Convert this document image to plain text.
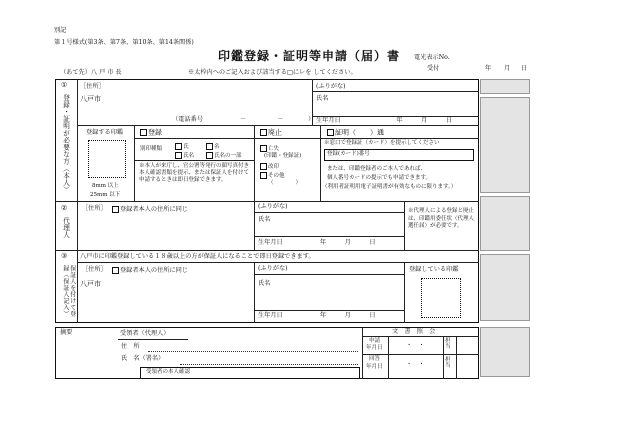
別記
第１号様式(第3条、第7条、第10条、第14条関係)
印鑑登録・証明等申請（届）書 電光表示No.
受付	年 月 日
（あて先）八 戸 市 長	※太枠内へのご記入および該当する□にレを してください。
①
登録・証明が必要な方（本人）
［住所］
八戸市
（電話番号　　　　　　－　　　　　－　　　　）
(ふりがな)
氏名
生年月日　　　　　　　　　年　　　月　　　日
登録する印鑑
8mm 以上
25mm 以下
登録	廃止	証明（　　）通
別印種類	氏	名
氏名	氏名の一部
※本人が来庁し、官公署等発行の顔写真付き本人確認書類を提示、または保証人を付けて申請するときは即日登録できます。
亡失
(印鑑・登録証)
改印
その他
（　　　　）
※窓口で登録証（カード）を提示してください
登録(カード)番号
または、印鑑登録者のご本人であれば、
個人番号カードの提示でも申請できます。
（利用者証明用電子証明書が有効なものに限ります。）
②
代理人
［住所］	登録者本人の住所に同じ	(ふりがな)
氏名
生年月日　　　　　　年　　　月　　　日
※代理人による登録と廃止は、印鑑用委任状（代理人選任届）が必要です。
③
保証人を付けて登録（保証人記入）
八戸市に印鑑登録している１８歳以上の方が保証人になることで即日登録できます。
［住所］	登録者本人の住所に同じ
八戸市
(ふりがな)
氏名
生年月日　　　　　　年　　　月　　　日
登録している印鑑
摘要	受領者（代理人）
住　所
氏　名（署名）
受領者の本人確認
文　書　照　会
申請
年月日	・　・
担当
回答
年月日	・　・
担当
